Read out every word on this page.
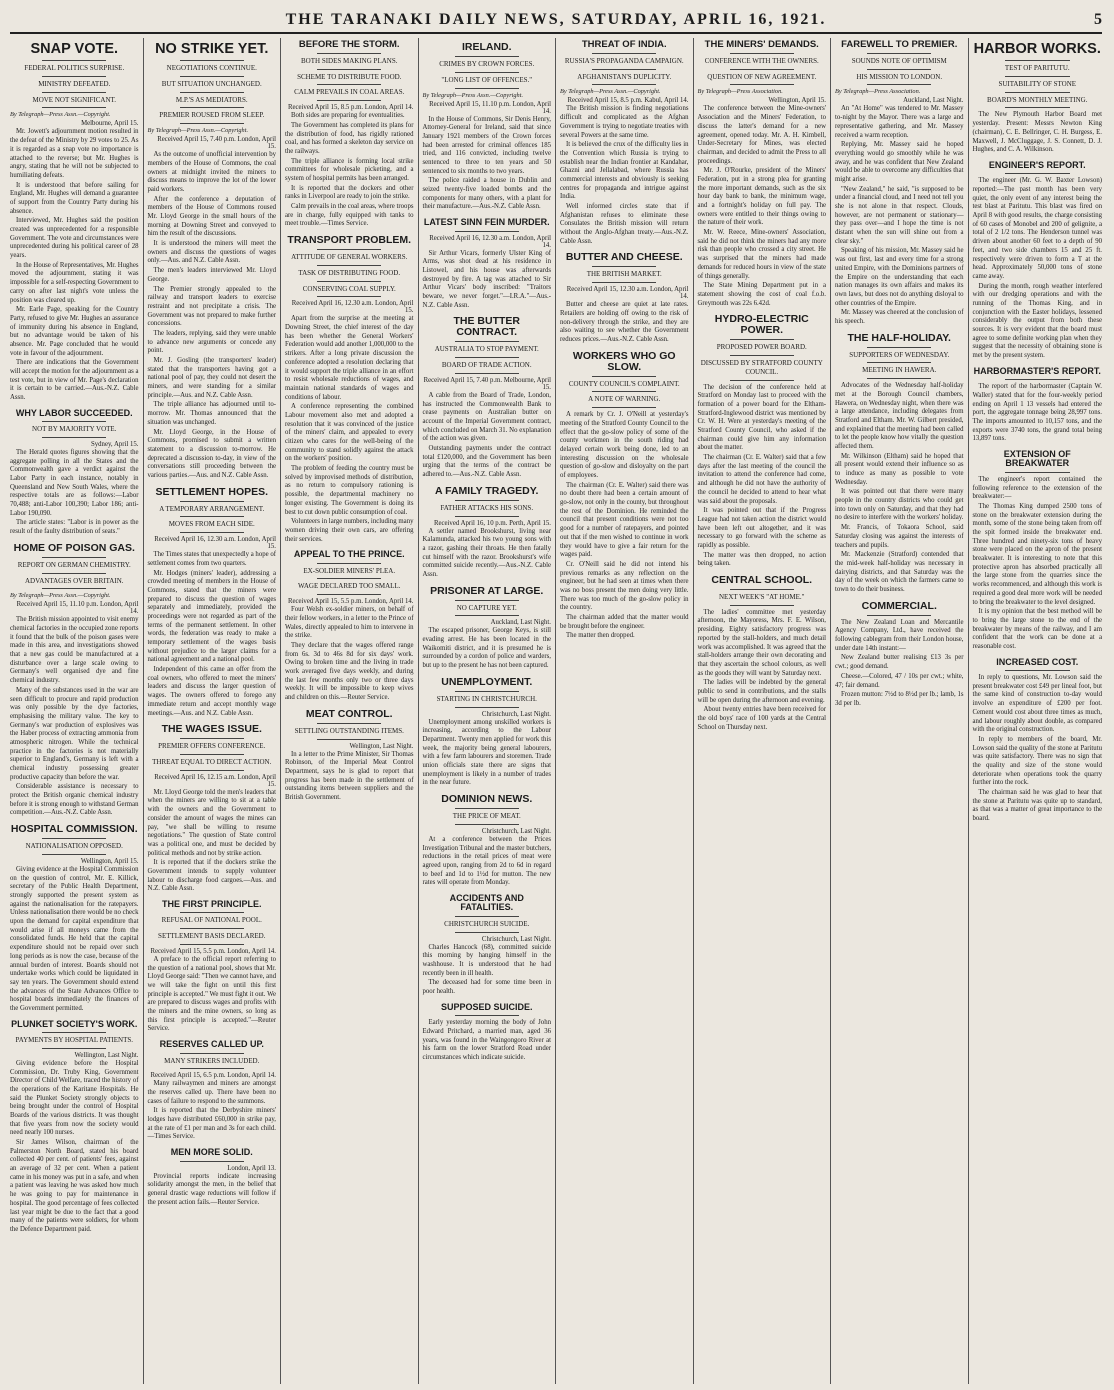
THE TARANAKI DAILY NEWS, SATURDAY, APRIL 16, 1921.	5
SNAP VOTE.
FEDERAL POLITICS SURPRISE.
MINISTRY DEFEATED.
MOVE NOT SIGNIFICANT.
By Telegraph—Press Assn.—Copyright.
Melbourne, April 15.

Mr. Jowett's adjournment motion resulted in the defeat of the Ministry by 29 votes to 25. As it is regarded as a snap vote no importance is attached to the reverse; but Mr. Hughes is angry, stating that he will not be subjected to humiliating defeats.

It is understood that before sailing for England, Mr. Hughes will demand a guarantee of support from the Country Party during his absence.

Interviewed, Mr. Hughes said the position created was unprecedented for a responsible Government. The vote and circumstances were unprecedented during his political career of 28 years.

In the House of Representatives, Mr. Hughes moved the adjournment, stating it was impossible for a self-respecting Government to carry on after last night's vote unless the position was cleared up.

Mr. Earle Page, speaking for the Country Party, refused to give Mr. Hughes an assurance of immunity during his absence in England, but no advantage would be taken of his absence. Mr. Page concluded that he would vote in favour of the adjournment.

There are indications that the Government will accept the motion for the adjournment as a test vote, but in view of Mr. Page's declaration it is certain to be carried.—Aus.-N.Z. Cable Assn.

WHY LABOR SUCCEEDED.
NOT BY MAJORITY VOTE.
Sydney, April 15.

The Herald quotes figures showing that the aggregate polling in all the States and the Commonwealth gave a verdict against the Labor Party in each instance, notably in Queensland and New South Wales, where the respective totals are as follows:—Labor 70,488; anti-Labor 100,390; Labor 186; anti-Labor 190,090.

The article states: "Labor is in power as the result of the faulty distribution of seats."

HOME OF POISON GAS.
REPORT ON GERMAN CHEMISTRY.
ADVANTAGES OVER BRITAIN.
By Telegraph—Press Assn.—Copyright.
Received April 15, 11.10 p.m. London, April 14.

The British mission appointed to visit enemy chemical factories in the occupied zone reports it found that the bulk of the poison gases were made in this area, and investigations showed that a new gas could be manufactured at a disturbance over a large scale owing to Germany's well organised dye and fine chemical industry.

Many of the substances used in the war are seen difficult to procure and rapid production was only possible by the dye factories, emphasising the military value. The key to Germany's war production of explosives was the Haber process of extracting ammonia from atmospheric nitrogen. While the technical practice in the factories is not materially superior to England's, Germany is left with a chemical industry possessing greater productive capacity than before the war.

Considerable assistance is necessary to protect the British organic chemical industry before it is strong enough to withstand German competition.—Aus.-N.Z. Cable Assn.

HOSPITAL COMMISSION.
NATIONALISATION OPPOSED.
Wellington, April 15.

Giving evidence at the Hospital Commission on the question of control, Mr. E. Killick, secretary of the Public Health Department, strongly supported the present system as against the nationalisation for the ratepayers. Unless nationalisation there would be no check upon the demand for capital expenditure that would arise if all moneys came from the consolidated funds. He held that the capital expenditure should not be repaid over such long periods as is now the case, because of the annual burden of interest. Boards should not undertake works which could be liquidated in say ten years. The Government should extend the advances of the State Advances Office to hospital boards immediately the finances of the Government permitted.

PLUNKET SOCIETY'S WORK.
PAYMENTS BY HOSPITAL PATIENTS.
Wellington, Last Night.

Giving evidence before the Hospital Commission, Dr. Truby King, Government Director of Child Welfare, traced the history of the operations of the Karitane Hospitals. He said the Plunket Society strongly objects to being brought under the control of Hospital Boards of the various districts. It was thought that five years from now the society would need nearly 100 nurses.

Sir James Wilson, chairman of the Palmerston North Board, stated his board collected 40 per cent. of patients' fees, against an average of 32 per cent. When a patient came in his money was put in a safe, and when a patient was leaving he was asked how much he was going to pay for maintenance in hospital. The good percentage of fees collected last year might be due to the fact that a good many of the patients were soldiers, for whom the Defence Department paid.

NO STRIKE YET.
NEGOTIATIONS CONTINUE.
BUT SITUATION UNCHANGED.
M.P.'S AS MEDIATORS.
PREMIER ROUSED FROM SLEEP.
By Telegraph—Press Assn.—Copyright.
Received April 15, 7.40 p.m. London, April 15.

As the outcome of unofficial intervention by members of the House of Commons, the coal owners at midnight invited the miners to discuss means to improve the lot of the lower paid workers.

After the conference a deputation of members of the House of Commons roused Mr. Lloyd George in the small hours of the morning at Downing Street and conveyed to him the result of the discussions.

It is understood the miners will meet the owners and discuss the questions of wages only.—Aus. and N.Z. Cable Assn.

The men's leaders interviewed Mr. Lloyd George.

The Premier strongly appealed to the railway and transport leaders to exercise restraint and not precipitate a crisis. The Government was not prepared to make further concessions.

The leaders, replying, said they were unable to advance new arguments or concede any point.

Mr. J. Gosling (the transporters' leader) stated that the transporters having got a national pool of pay, they could not desert the miners, and were standing for a similar principle.—Aus. and N.Z. Cable Assn.

The triple alliance has adjourned until to-morrow. Mr. Thomas announced that the situation was unchanged.

Mr. Lloyd George, in the House of Commons, promised to submit a written statement to a discussion to-morrow. He deprecated a discussion to-day, in view of the conversations still proceeding between the various parties.—Aus. and N.Z. Cable Assn.

SETTLEMENT HOPES.
A TEMPORARY ARRANGEMENT.
MOVES FROM EACH SIDE.
Received April 16, 12.30 a.m. London, April 15.

The Times states that unexpectedly a hope of settlement comes from two quarters.

Mr. Hodges (miners' leader), addressing a crowded meeting of members in the House of Commons, stated that the miners were prepared to discuss the question of wages separately and immediately, provided the proceedings were not regarded as part of the terms of the permanent settlement. In other words, the federation was ready to make a temporary settlement of the wages basis without prejudice to the larger claims for a national agreement and a national pool.

Independent of this came an offer from the coal owners, who offered to meet the miners' leaders and discuss the larger question of wages. The owners offered to forego any immediate return and accept monthly wage meetings.—Aus. and N.Z. Cable Assn.

THE WAGES ISSUE.
PREMIER OFFERS CONFERENCE.
THREAT EQUAL TO DIRECT ACTION.
Received April 16, 12.15 a.m. London, April 15.

Mr. Lloyd George told the men's leaders that when the miners are willing to sit at a table with the owners and the Government to consider the amount of wages the mines can pay, "we shall be willing to resume negotiations." The question of State control was a political one, and must be decided by political methods and not by strike action.

It is reported that if the dockers strike the Government intends to supply volunteer labour to discharge food cargoes.—Aus. and N.Z. Cable Assn.

THE FIRST PRINCIPLE.
REFUSAL OF NATIONAL POOL.
SETTLEMENT BASIS DECLARED.
Received April 15, 5.5 p.m. London, April 14.

A preface to the official report referring to the question of a national pool, shows that Mr. Lloyd George said: "Then we cannot have, and we will take the fight on until this first principle is accepted." We must fight it out. We are prepared to discuss wages and profits with the miners and the mine owners, so long as this first principle is accepted."—Reuter Service.

RESERVES CALLED UP.
MANY STRIKERS INCLUDED.
Received April 15, 6.5 p.m. London, April 14.

Many railwaymen and miners are amongst the reserves called up. There have been no cases of failure to respond to the summons.

It is reported that the Derbyshire miners' lodges have distributed £60,000 in strike pay, at the rate of £1 per man and 3s for each child.—Times Service.

MEN MORE SOLID.
London, April 13.

Provincial reports indicate increasing solidarity amongst the men, in the belief that general drastic wage reductions will follow if the present action fails.—Reuter Service.

BEFORE THE STORM.
BOTH SIDES MAKING PLANS.
SCHEME TO DISTRIBUTE FOOD.
CALM PREVAILS IN COAL AREAS.
Received April 15, 8.5 p.m. London, April 14.

Both sides are preparing for eventualities.

The Government has completed its plans for the distribution of food, has rigidly rationed coal, and has formed a skeleton day service on the railways.

The triple alliance is forming local strike committees for wholesale picketing, and a system of hospital permits has been arranged.

It is reported that the dockers and other ranks in Liverpool are ready to join the strike.

Calm prevails in the coal areas, where troops are in charge, fully equipped with tanks to meet trouble.—Times Service.

TRANSPORT PROBLEM.
ATTITUDE OF GENERAL WORKERS.
TASK OF DISTRIBUTING FOOD.
CONSERVING COAL SUPPLY.
Received April 16, 12.30 a.m. London, April 15.

Apart from the surprise at the meeting at Downing Street, the chief interest of the day has been whether the General Workers' Federation would add another 1,000,000 to the strikers. After a long private discussion the conference adopted a resolution declaring that it would support the triple alliance in an effort to resist wholesale reductions of wages, and maintain national standards of wages and conditions of labour.

A conference representing the combined Labour movement also met and adopted a resolution that it was convinced of the justice of the miners' claim, and appealed to every citizen who cares for the well-being of the community to stand solidly against the attack on the workers' position.

The problem of feeding the country must be solved by improvised methods of distribution, as no return to compulsory rationing is possible, the departmental machinery no longer existing. The Government is doing its best to cut down public consumption of coal.

Volunteers in large numbers, including many women driving their own cars, are offering their services.

APPEAL TO THE PRINCE.
EX-SOLDIER MINERS' PLEA.
WAGE DECLARED TOO SMALL.
Received April 15, 5.5 p.m. London, April 14.

Four Welsh ex-soldier miners, on behalf of their fellow workers, in a letter to the Prince of Wales, directly appealed to him to intervene in the strike.

They declare that the wages offered range from 6s. 3d to 46s 8d for six days' work. Owing to broken time and the living in trade work averaged five days weekly, and during the last few months only two or three days weekly. It will be impossible to keep wives and children on this.—Reuter Service.

MEAT CONTROL.
SETTLING OUTSTANDING ITEMS.
Wellington, Last Night.

In a letter to the Prime Minister, Sir Thomas Robinson, of the Imperial Meat Control Department, says he is glad to report that progress has been made in the settlement of outstanding items between suppliers and the British Government.

IRELAND.
CRIMES BY CROWN FORCES.
"LONG LIST OF OFFENCES."
By Telegraph—Press Assn.—Copyright.
Received April 15, 11.10 p.m. London, April 14.

In the House of Commons, Sir Denis Henry, Attorney-General for Ireland, said that since January 1921 members of the Crown forces had been arrested for criminal offences 185 tried, and 116 convicted, including twelve sentenced to three to ten years and 50 sentenced to six months to two years.

The police raided a house in Dublin and seized twenty-five loaded bombs and the components for many others, with a plant for their manufacture.—Aus.-N.Z. Cable Assn.

LATEST SINN FEIN MURDER.
Received April 16, 12.30 a.m. London, April 14.

Sir Arthur Vicars, formerly Ulster King of Arms, was shot dead at his residence in Listowel, and his house was afterwards destroyed by fire. A tag was attached to Sir Arthur Vicars' body inscribed: "Traitors beware, we never forget."—I.R.A."—Aus.-N.Z. Cable Assn.

THE BUTTER CONTRACT.
AUSTRALIA TO STOP PAYMENT.
BOARD OF TRADE ACTION.
Received April 15, 7.40 p.m. Melbourne, April 15.

A cable from the Board of Trade, London, has instructed the Commonwealth Bank to cease payments on Australian butter on account of the Imperial Government contract, which concluded on March 31. No explanation of the action was given.

Outstanding payments under the contract total £120,000, and the Government has been urging that the terms of the contract be adhered to.—Aus.-N.Z. Cable Assn.

A FAMILY TRAGEDY.
FATHER ATTACKS HIS SONS.
Received April 16, 10 p.m. Perth, April 15.

A settler named Brookshurst, living near Kalamunda, attacked his two young sons with a razor, gashing their throats. He then fatally cut himself with the razor. Brookshurst's wife committed suicide recently.—Aus.-N.Z. Cable Assn.

PRISONER AT LARGE.
NO CAPTURE YET.
Auckland, Last Night.

The escaped prisoner, George Keys, is still evading arrest. He has been located in the Waikomiti district, and it is presumed he is surrounded by a cordon of police and warders, but up to the present he has not been captured.

UNEMPLOYMENT.
STARTING IN CHRISTCHURCH.
Christchurch, Last Night.

Unemployment among unskilled workers is increasing, according to the Labour Department. Twenty men applied for work this week, the majority being general labourers, with a few farm labourers and storemen. Trade union officials state there are signs that unemployment is likely in a number of trades in the near future.

DOMINION NEWS.
THE PRICE OF MEAT.
Christchurch, Last Night.

At a conference between the Prices Investigation Tribunal and the master butchers, reductions in the retail prices of meat were agreed upon, ranging from 2d to 6d in regard to beef and 1d to 1½d for mutton. The new rates will operate from Monday.

ACCIDENTS AND FATALITIES.
CHRISTCHURCH SUICIDE.
Christchurch, Last Night.

Charles Hancock (68), committed suicide this morning by hanging himself in the washhouse. It is understood that he had recently been in ill health.

The deceased had for some time been in poor health.

SUPPOSED SUICIDE.

Early yesterday morning the body of John Edward Pritchard, a married man, aged 36 years, was found in the Waingongoro River at his farm on the lower Stratford Road under circumstances which indicate suicide.

THREAT OF INDIA.
RUSSIA'S PROPAGANDA CAMPAIGN.
AFGHANISTAN'S DUPLICITY.
By Telegraph—Press Assn.—Copyright.
Received April 15, 8.5 p.m. Kabul, April 14.

The British mission is finding negotiations difficult and complicated as the Afghan Government is trying to negotiate treaties with several Powers at the same time.

It is believed the crux of the difficulty lies in the Convention which Russia is trying to establish near the Indian frontier at Kandahar, Ghazni and Jellalabad, where Russia has commercial interests and obviously is seeking centres for propaganda and intrigue against India.

Well informed circles state that if Afghanistan refuses to eliminate these Consulates the British mission will return without the Anglo-Afghan treaty.—Aus.-N.Z. Cable Assn.

BUTTER AND CHEESE.
THE BRITISH MARKET.
Received April 15, 12.30 a.m. London, April 14.

Butter and cheese are quiet at late rates. Retailers are holding off owing to the risk of non-delivery through the strike, and they are also waiting to see whether the Government reduces prices.—Aus.-N.Z. Cable Assn.

WORKERS WHO GO SLOW.
COUNTY COUNCIL'S COMPLAINT.
A NOTE OF WARNING.

A remark by Cr. J. O'Neill at yesterday's meeting of the Stratford County Council to the effect that the go-slow policy of some of the county workmen in the south riding had delayed certain work being done, led to an interesting discussion on the wholesale question of go-slow and disloyalty on the part of employees.

The chairman (Cr. E. Walter) said there was no doubt there had been a certain amount of go-slow, not only in the county, but throughout the rest of the Dominion. He reminded the council that present conditions were not too good for a number of ratepayers, and pointed out that if the men wished to continue in work they would have to give a fair return for the wages paid.

Cr. O'Neill said he did not intend his previous remarks as any reflection on the engineer, but he had seen at times when there was no boss present the men doing very little. There was too much of the go-slow policy in the country.

The chairman added that the matter would be brought before the engineer.

The matter then dropped.

THE MINERS' DEMANDS.
CONFERENCE WITH THE OWNERS.
QUESTION OF NEW AGREEMENT.
By Telegraph—Press Association.
Wellington, April 15.

The conference between the Mine-owners' Association and the Miners' Federation, to discuss the latter's demand for a new agreement, opened today. Mr. A. H. Kimbell, Under-Secretary for Mines, was elected chairman, and decided to admit the Press to all proceedings.

Mr. J. O'Rourke, president of the Miners' Federation, put in a strong plea for granting the more important demands, such as the six hour day bank to bank, the minimum wage, and a fortnight's holiday on full pay. The owners were entitled to their things owing to the nature of their work.

Mr. W. Reece, Mine-owners' Association, said he did not think the miners had any more risk than people who crossed a city street. He was surprised that the miners had made demands for reduced hours in view of the state of things generally.

The State Mining Department put in a statement showing the cost of coal f.o.b. Greymouth was 22s 6.42d.

HYDRO-ELECTRIC POWER.
PROPOSED POWER BOARD.
DISCUSSED BY STRATFORD COUNTY COUNCIL.

The decision of the conference held at Stratford on Monday last to proceed with the formation of a power board for the Eltham-Stratford-Inglewood district was mentioned by Cr. W. H. Were at yesterday's meeting of the Stratford County Council, who asked if the chairman could give him any information about the matter.

The chairman (Cr. E. Walter) said that a few days after the last meeting of the council the invitation to attend the conference had come, and although he did not have the authority of the council he decided to attend to hear what was said about the proposals.

It was pointed out that if the Progress League had not taken action the district would have been left out altogether, and it was necessary to go forward with the scheme as rapidly as possible.

The matter was then dropped, no action being taken.

CENTRAL SCHOOL.
NEXT WEEK'S "AT HOME."

The ladies' committee met yesterday afternoon, the Mayoress, Mrs. F. E. Wilson, presiding. Eighty satisfactory progress was reported by the stall-holders, and much detail work was accomplished. It was agreed that the stall-holders arrange their own decorating and that they ascertain the school colours, as well as the goods they will want by Saturday next.

The ladies will be indebted by the general public to send in contributions, and the stalls will be open during the afternoon and evening.

About twenty entries have been received for the old boys' race of 100 yards at the Central School on Thursday next.

FAREWELL TO PREMIER.
SOUNDS NOTE OF OPTIMISM
HIS MISSION TO LONDON.
By Telegraph—Press Association.
Auckland, Last Night.

An "At Home" was tendered to Mr. Massey to-night by the Mayor. There was a large and representative gathering, and Mr. Massey received a warm reception.

Replying, Mr. Massey said he hoped everything would go smoothly while he was away, and he was confident that New Zealand would be able to overcome any difficulties that might arise.

"New Zealand," he said, "is supposed to be under a financial cloud, and I need not tell you she is not alone in that respect. Clouds, however, are not permanent or stationary—they pass over—and I hope the time is not distant when the sun will shine out from a clear sky."

Speaking of his mission, Mr. Massey said he was out first, last and every time for a strong united Empire, with the Dominions partners of the Empire on the understanding that each nation manages its own affairs and makes its own laws, but does not do anything disloyal to other countries of the Empire.

Mr. Massey was cheered at the conclusion of his speech.

THE HALF-HOLIDAY.
SUPPORTERS OF WEDNESDAY.
MEETING IN HAWERA.

Advocates of the Wednesday half-holiday met at the Borough Council chambers, Hawera, on Wednesday night, when there was a large attendance, including delegates from Stratford and Eltham. Mr. W. Gilbert presided, and explained that the meeting had been called to let the people know how vitally the question affected them.

Mr. Wilkinson (Eltham) said he hoped that all present would extend their influence so as to induce as many as possible to vote Wednesday.

It was pointed out that there were many people in the country districts who could get into town only on Saturday, and that they had no desire to interfere with the workers' holiday.

Mr. Francis, of Tokaora School, said Saturday closing was against the interests of teachers and pupils.

Mr. Mackenzie (Stratford) contended that the mid-week half-holiday was necessary in dairying districts, and that Saturday was the day of the week on which the farmers came to town to do their business.

COMMERCIAL.

The New Zealand Loan and Mercantile Agency Company, Ltd., have received the following cablegram from their London house, under date 14th instant:—

New Zealand butter realising £13 3s per cwt.; good demand.

Cheese.—Colored, 47 / 10s per cwt.; white, 47; fair demand.

Frozen mutton: 7½d to 8½d per lb.; lamb, 1s 3d per lb.

HARBOR WORKS.
TEST OF PARITUTU.
SUITABILITY OF STONE
BOARD'S MONTHLY MEETING.

The New Plymouth Harbor Board met yesterday. Present: Messrs Newton King (chairman), C. E. Bellringer, C. H. Burgess, E. Maxwell, J. McCluggage, J. S. Connett, D. J. Hughes, and C. A. Wilkinson.

ENGINEER'S REPORT.

The engineer (Mr. G. W. Baxter Lowson) reported:—The past month has been very quiet, the only event of any interest being the test blast at Paritutu. This blast was fired on April 8 with good results, the charge consisting of 60 cases of Monobel and 200 of gelignite, a total of 2 1/2 tons. The Henderson tunnel was driven about another 60 feet to a depth of 90 feet, and two side chambers 15 and 25 ft. respectively were driven to form a T at the head. Approximately 50,000 tons of stone came away.

During the month, rough weather interfered with our dredging operations and with the running of the Thomas King, and in conjunction with the Easter holidays, lessened considerably the output from both these sources. It is very evident that the board must agree to some definite working plan when they suggest that the necessity of obtaining stone is met by the present system.

HARBORMASTER'S REPORT.

The report of the harbormaster (Captain W. Waller) stated that for the four-weekly period ending on April 1 13 vessels had entered the port, the aggregate tonnage being 28,997 tons. The imports amounted to 10,157 tons, and the exports were 3740 tons, the grand total being 13,897 tons.

EXTENSION OF BREAKWATER

The engineer's report contained the following reference to the extension of the breakwater:—

The Thomas King dumped 2500 tons of stone on the breakwater extension during the month, some of the stone being taken from off the spit formed inside the breakwater end. Three hundred and ninety-six tons of heavy stone were placed on the apron of the present breakwater. It is interesting to note that this protective apron has absorbed practically all the large stone from the quarries since the works recommenced, and although this work is required a good deal more work will be needed to bring the breakwater to the level designed.

It is my opinion that the best method will be to bring the large stone to the end of the breakwater by means of the railway, and I am confident that the work can be done at a reasonable cost.

INCREASED COST.

In reply to questions, Mr. Lowson said the present breakwater cost £49 per lineal foot, but the same kind of construction to-day would involve an expenditure of £200 per foot. Cement would cost about three times as much, and labour roughly about double, as compared with the original construction.

In reply to members of the board, Mr. Lowson said the quality of the stone at Paritutu was quite satisfactory. There was no sign that the quality and size of the stone would deteriorate when operations took the quarry further into the rock.

The chairman said he was glad to hear that the stone at Paritutu was quite up to standard, as that was a matter of great importance to the board.
